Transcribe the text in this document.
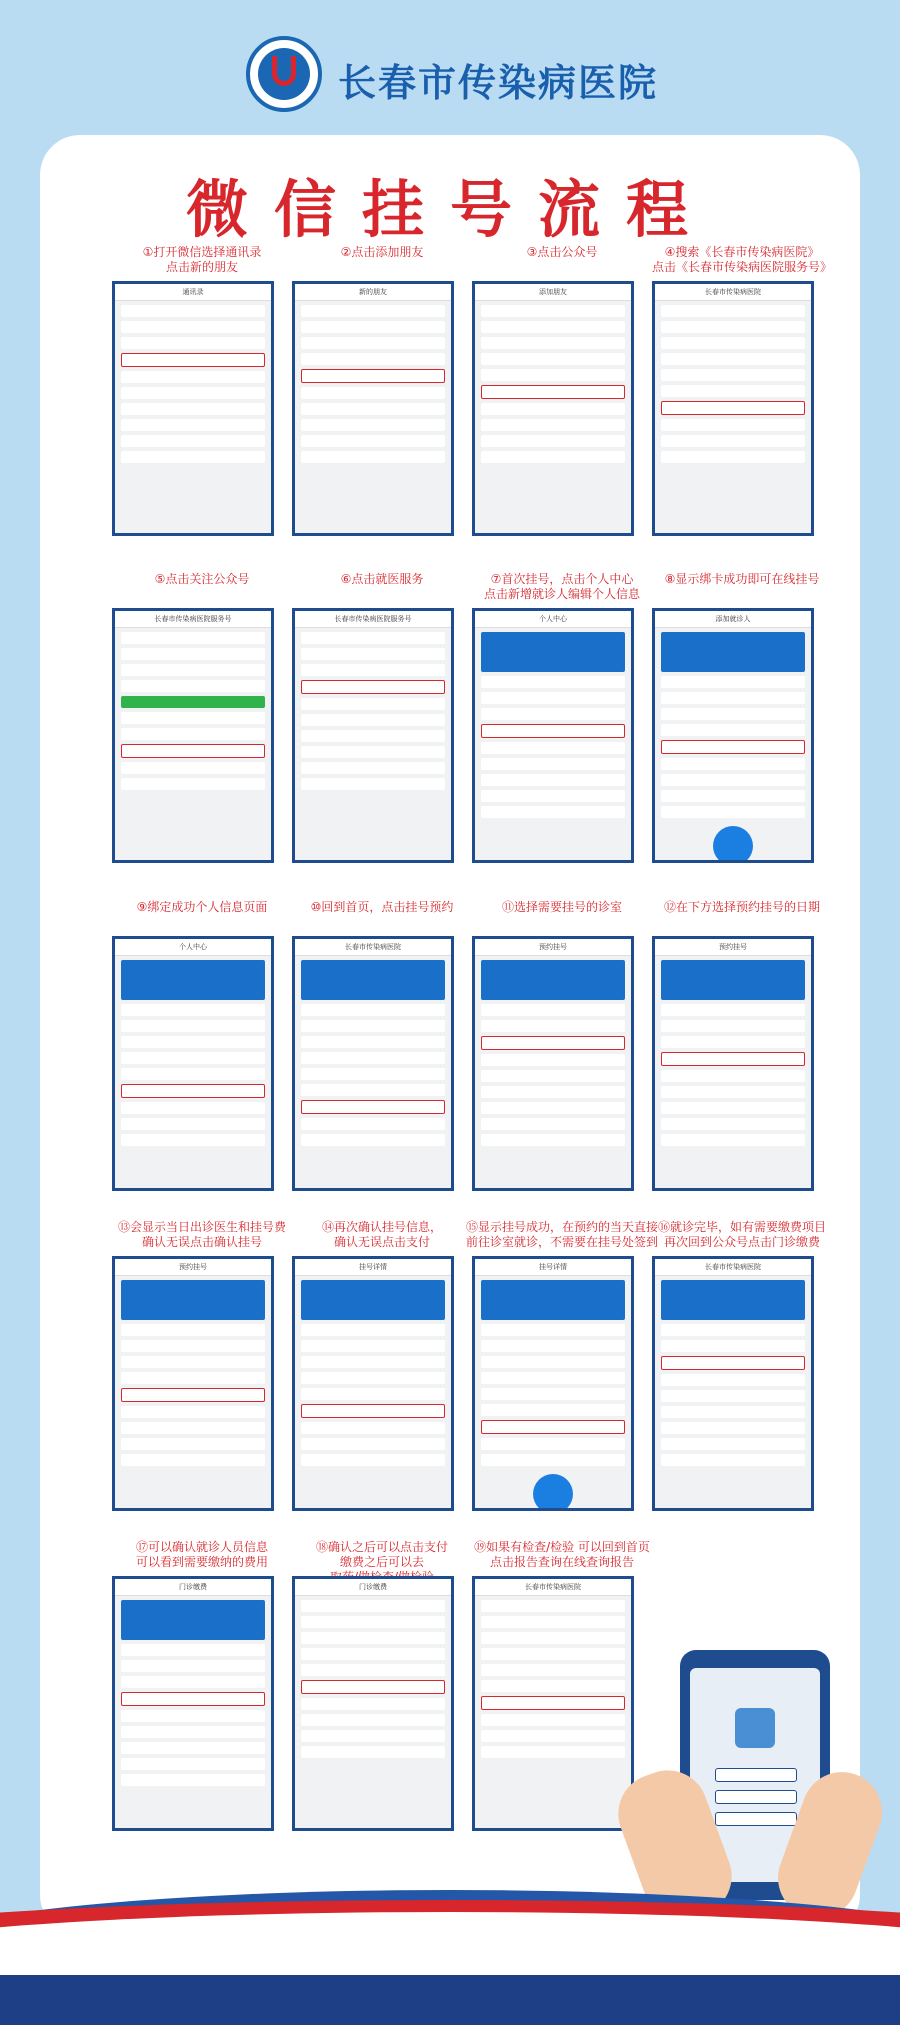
长春市传染病医院
微信挂号流程
①打开微信选择通讯录
点击新的朋友
通讯录
②点击添加朋友
新的朋友
③点击公众号
添加朋友
④搜索《长春市传染病医院》
点击《长春市传染病医院服务号》
长春市传染病医院
⑤点击关注公众号
长春市传染病医院服务号
⑥点击就医服务
长春市传染病医院服务号
⑦首次挂号，点击个人中心
点击新增就诊人编辑个人信息
个人中心
⑧显示绑卡成功即可在线挂号
添加就诊人
⑨绑定成功个人信息页面
个人中心
⑩回到首页，点击挂号预约
长春市传染病医院
⑪选择需要挂号的诊室
预约挂号
⑫在下方选择预约挂号的日期
预约挂号
⑬会显示当日出诊医生和挂号费
确认无误点击确认挂号
预约挂号
⑭再次确认挂号信息，
确认无误点击支付
挂号详情
⑮显示挂号成功，在预约的当天直接
前往诊室就诊，不需要在挂号处签到
挂号详情
⑯就诊完毕，如有需要缴费项目
再次回到公众号点击门诊缴费
长春市传染病医院
⑰可以确认就诊人员信息
可以看到需要缴纳的费用
门诊缴费
⑱确认之后可以点击支付
缴费之后可以去

门诊缴费
⑲如果有检查/检验 可以回到首页
点击报告查询在线查询报告
长春市传染病医院
